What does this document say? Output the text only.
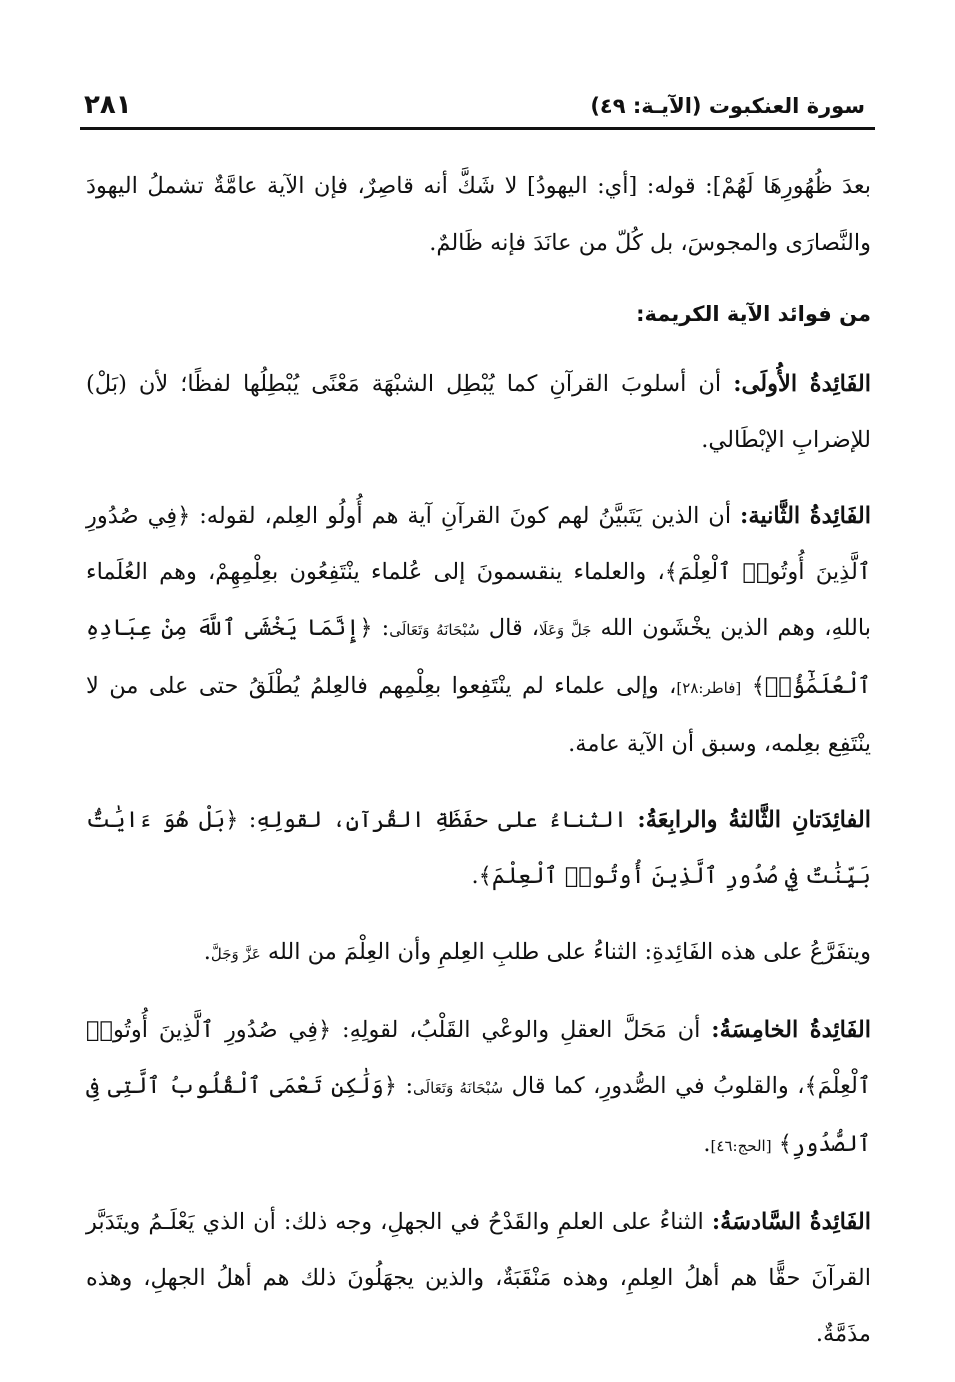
سورة العنكبوت (الآيـة: ٤٩)
٢٨١

بعدَ ظُهُورِهَا لَهُمْ]: قوله: [أي: اليهودُ] لا شَكَّ أنه قاصِرٌ، فإن الآية عامَّةٌ تشملُ اليهودَ والنَّصارَى والمجوسَ، بل كُلّ من عانَدَ فإنه ظَالمٌ.

من فوائد الآية الكريمة:

الفَائِدةُ الأُولَى: أن أسلوبَ القرآنِ كما يُبْطِل الشبْهَة مَعْنًى يُبْطِلُها لفظًا؛ لأن (بَلْ) للإضرابِ الإبْطَالي.

الفَائِدةُ الثَّانية: أن الذين يَتَبيَّنُ لهم كونَ القرآنِ آية هم أُولُو العِلم، لقوله: ﴿فِي صُدُورِ ٱلَّذِينَ أُوتُوا۟ ٱلْعِلْمَ﴾، والعلماء ينقسمونَ إلى عُلماء ينْتَفِعُون بعِلْمِهِمْ، وهم العُلَماء باللهِ، وهم الذين يخْشَون الله جَلَّ وَعَلَا، قال سُبْحَانَهُ وَتَعَالَى: ﴿إِنَّمَا يَخْشَى ٱللَّهَ مِنْ عِبَادِهِ ٱلْعُلَمَٰٓؤُا۟﴾ [فاطر:٢٨]، وإلى علماء لم ينْتَفِعوا بعِلْمِهم فالعِلمُ يُطْلَقُ حتى على من لا ينْتَفِع بعِلمه، وسبق أن الآية عامة.

الفائِدَتانِ الثَّالثةُ والرابِعَةُ: الثناءُ على حفَظَةِ القُرآنِ، لقولِهِ: ﴿بَلْ هُوَ ءَايَٰتٌۢ بَيِّنَٰتٌ فِي صُدُورِ ٱلَّذِينَ أُوتُوا۟ ٱلْعِلْمَ﴾.

ويتفَرَّعُ على هذه الفَائِدةِ: الثناءُ على طلبِ العِلمِ وأن العِلْمَ من الله عَزَّ وَجَلَّ.

الفَائِدةُ الخامِسَةُ: أن مَحَلَّ العقلِ والوعْي القَلْبُ، لقولِهِ: ﴿فِي صُدُورِ ٱلَّذِينَ أُوتُوا۟ ٱلْعِلْمَ﴾، والقلوبُ في الصُّدورِ، كما قال سُبْحَانَهُ وَتَعَالَى: ﴿وَلَٰكِن تَعْمَى ٱلْقُلُوبُ ٱلَّتِى فِى ٱلصُّدُورِ﴾ [الحج:٤٦].

الفَائِدةُ السَّادسَةُ: الثناءُ على العلمِ والقَدْحُ في الجهلِ، وجه ذلك: أن الذي يَعْلَـمُ ويتَدَبَّر القرآنَ حقًّا هم أهلُ العِلمِ، وهذه مَنْقَبَةٌ، والذين يجهَلُونَ ذلك هم أهلُ الجهلِ، وهذه مذَمَّةٌ.
